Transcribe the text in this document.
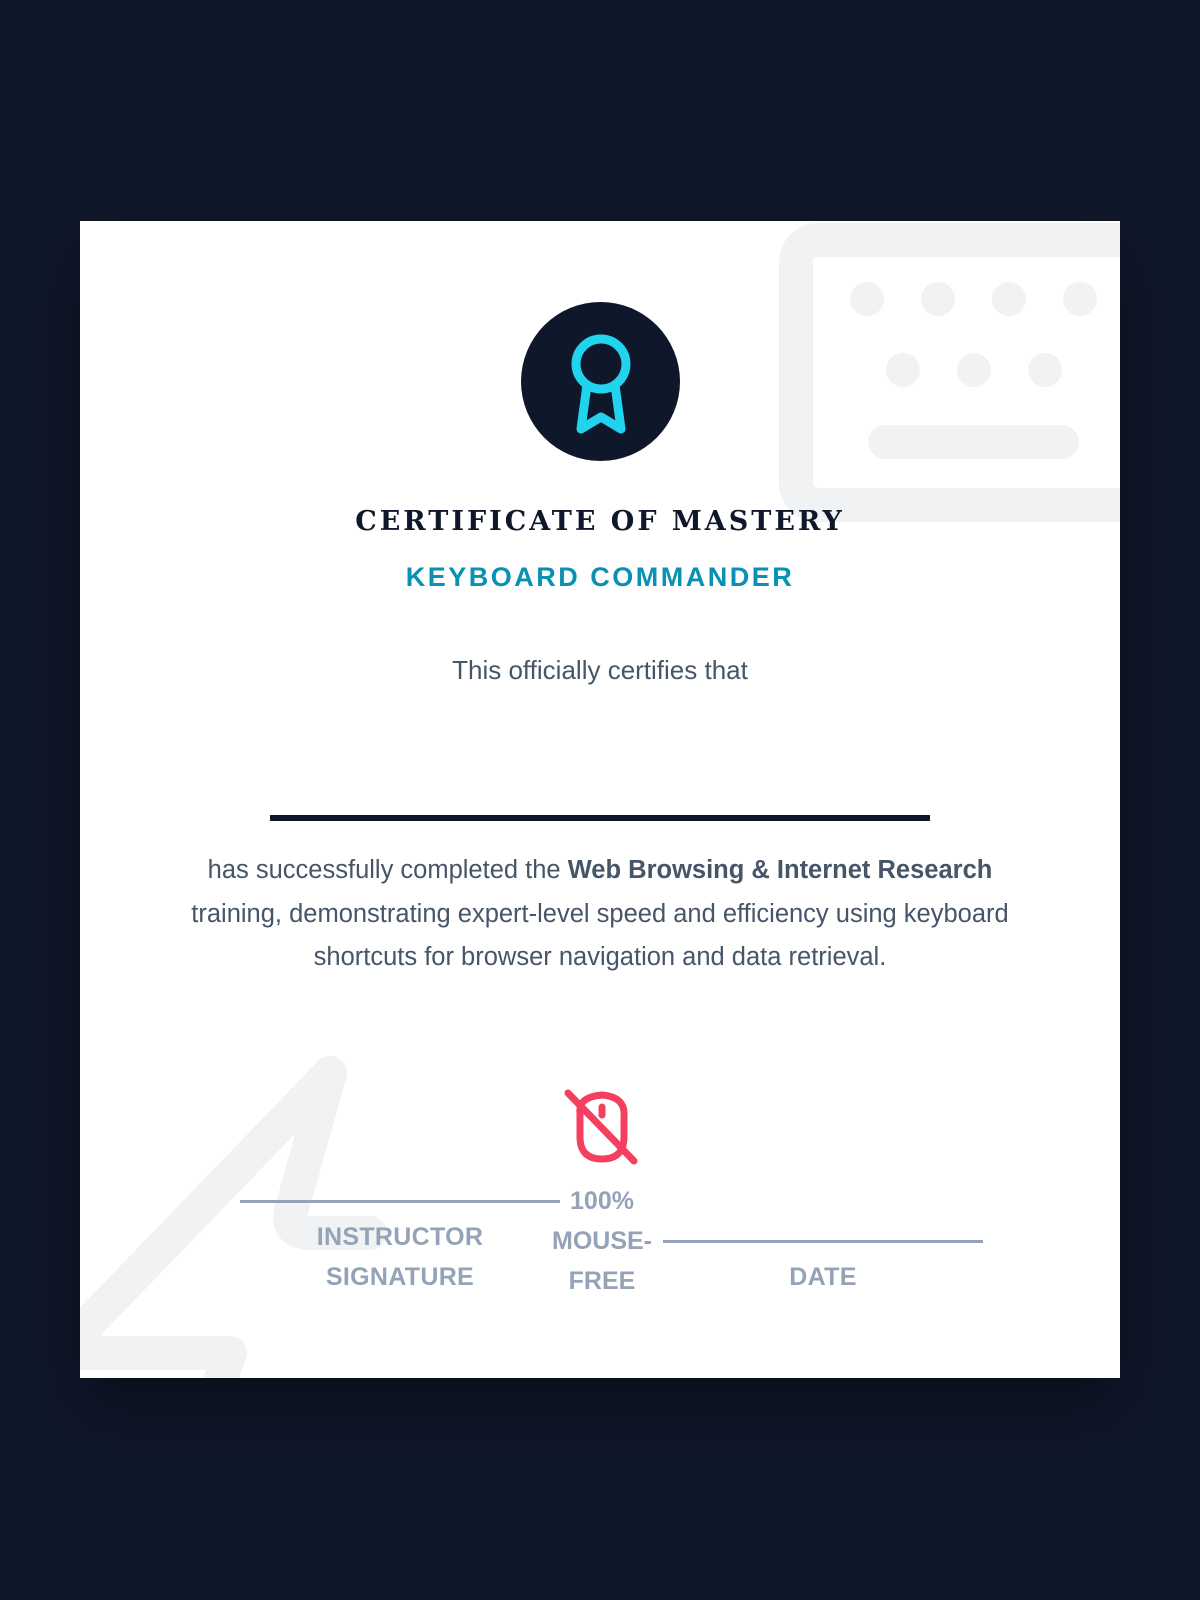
CERTIFICATE OF MASTERY
KEYBOARD COMMANDER

This officially certifies that

has successfully completed the Web Browsing & Internet Research training, demonstrating expert-level speed and efficiency using keyboard shortcuts for browser navigation and data retrieval.

INSTRUCTOR SIGNATURE
100% MOUSE-FREE	DATE
